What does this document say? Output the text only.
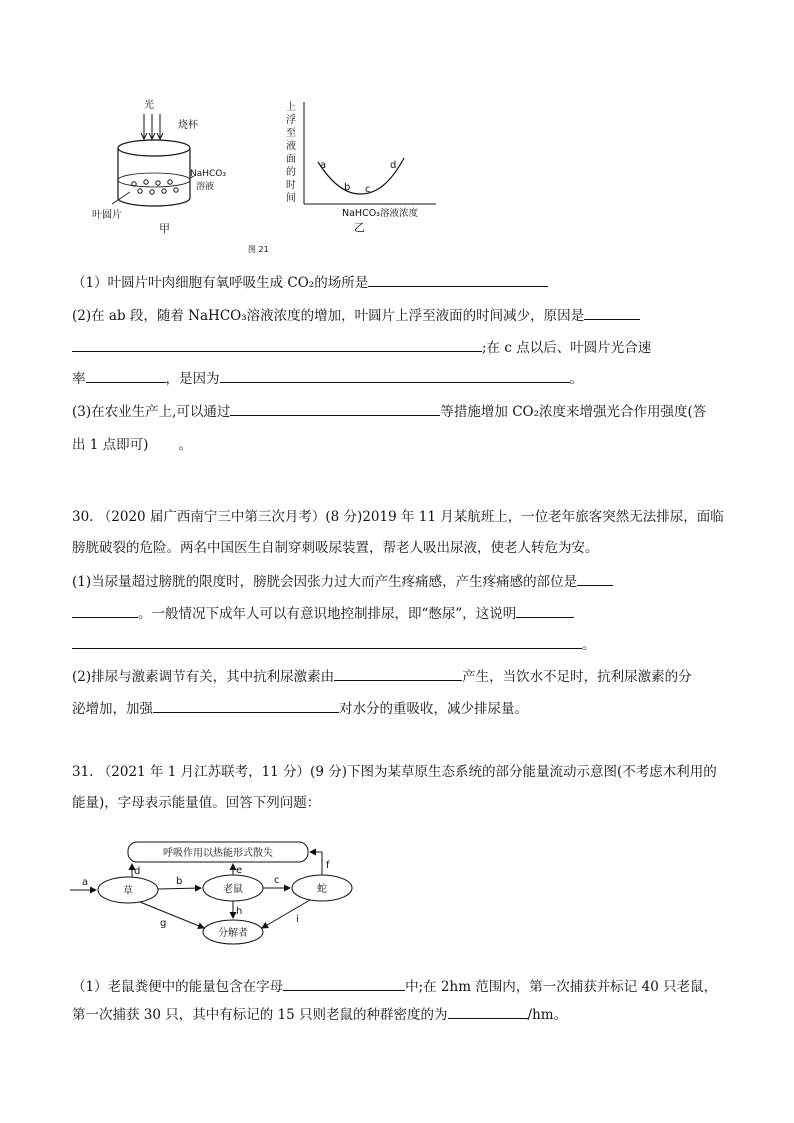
光
烧杯
NaHCO₃
溶液
叶圆片
甲
上
浮
至
液
面
的
时
间
a
b c
d
NaHCO₃溶液浓度
乙
图 21
（1）叶圆片叶肉细胞有氧呼吸生成 CO₂的场所是
(2)在 ab 段，随着 NaHCO₃溶液浓度的增加，叶圆片上浮至液面的时间减少，原因是
;在 c 点以后、叶圆片光合速
率	，是因为	。
(3)在农业生产上,可以通过	等措施增加 CO₂浓度来增强光合作用强度(答
出 1 点即可) 。
30. （2020 届广西南宁三中第三次月考）(8 分)2019 年 11 月某航班上，一位老年旅客突然无法排尿，面临
膀胱破裂的危险。两名中国医生自制穿刺吸尿装置，帮老人吸出尿液，使老人转危为安。
(1)当尿量超过膀胱的限度时，膀胱会因张力过大而产生疼痛感，产生疼痛感的部位是
。一般情况下成年人可以有意识地控制排尿，即“憋尿”，这说明
。
(2)排尿与激素调节有关，其中抗利尿激素由	产生，当饮水不足时，抗利尿激素的分
泌增加，加强	对水分的重吸收，减少排尿量。
31. （2021 年 1 月江苏联考，11 分）(9 分)下图为某草原生态系统的部分能量流动示意图(不考虑木利用的
能量)，字母表示能量值。回答下列问题：
呼吸作用以热能形式散失
草	老鼠	蛇
分解者
a	b	c
d	e	f
g
h
i
（1）老鼠粪便中的能量包含在字母	中;在 2hm 范围内，第一次捕获并标记 40 只老鼠，
第一次捕获 30 只，其中有标记的 15 只则老鼠的种群密度的为	/hm。
